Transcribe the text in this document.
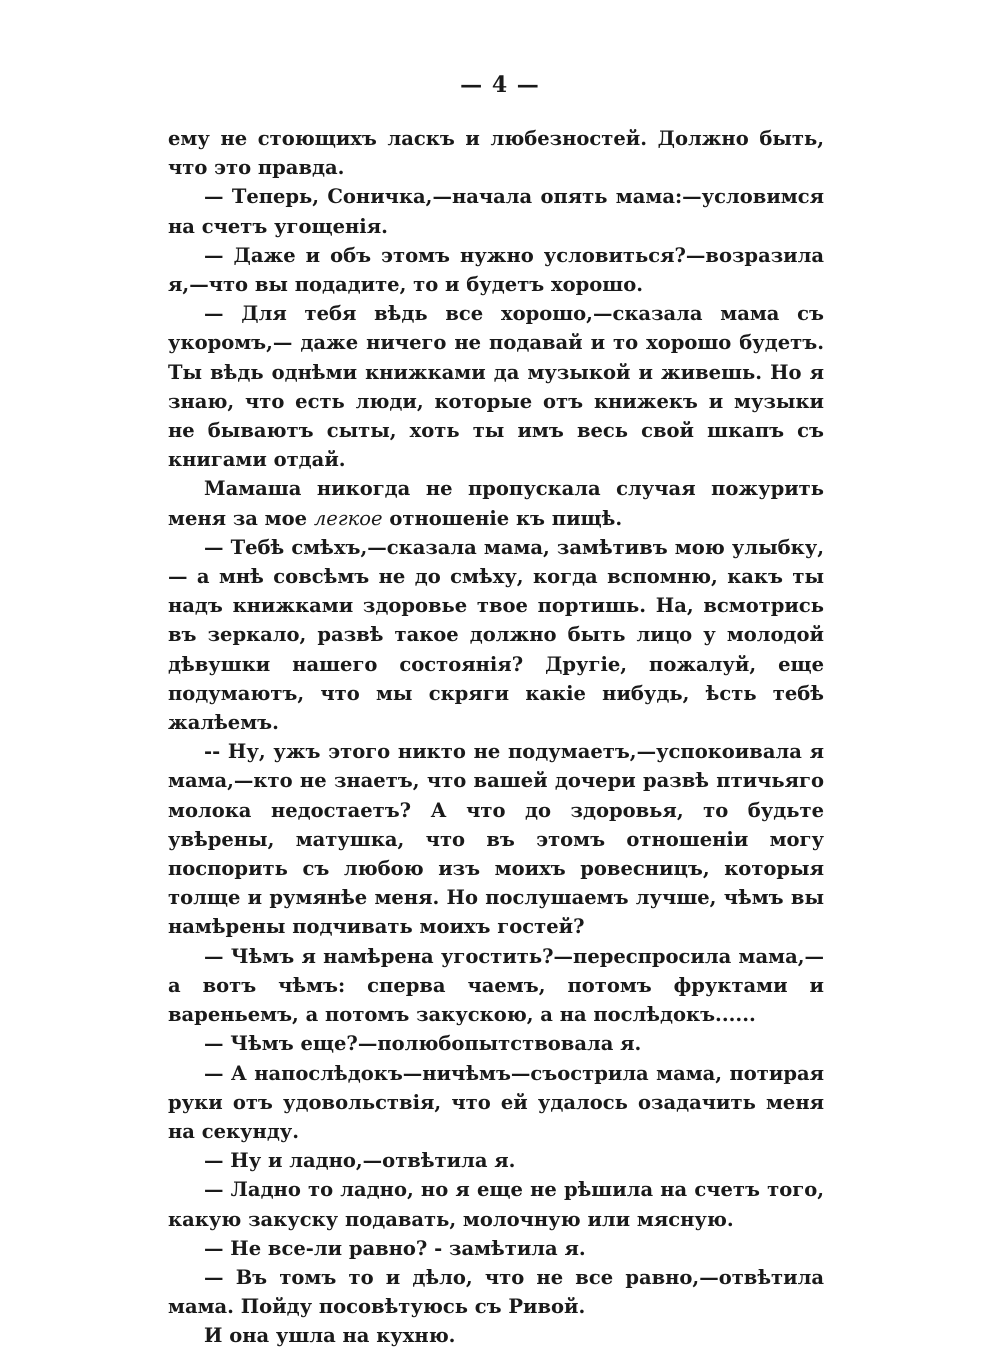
— 4 —

ему не стоющихъ ласкъ и любезностей. Должно быть, что это правда.

— Теперь, Соничка,—начала опять мама:—условимся на счетъ угощенія.

— Даже и объ этомъ нужно условиться?—возразила я,—что вы подадите, то и будетъ хорошо.

— Для тебя вѣдь все хорошо,—сказала мама съ укоромъ,— даже ничего не подавай и то хорошо будетъ. Ты вѣдь однѣми книжками да музыкой и живешь. Но я знаю, что есть люди, которые отъ книжекъ и музыки не бываютъ сыты, хоть ты имъ весь свой шкапъ съ книгами отдай.

Мамаша никогда не пропускала случая пожурить меня за мое легкое отношеніе къ пищѣ.

— Тебѣ смѣхъ,—сказала мама, замѣтивъ мою улыбку,— а мнѣ совсѣмъ не до смѣху, когда вспомню, какъ ты надъ книжками здоровье твое портишь. На, всмотрись въ зеркало, развѣ такое должно быть лицо у молодой дѣвушки нашего состоянія? Другіе, пожалуй, еще подумаютъ, что мы скряги какіе нибудь, ѣсть тебѣ жалѣемъ.

-- Ну, ужъ этого никто не подумаетъ,—успокоивала я мама,—кто не знаетъ, что вашей дочери развѣ птичьяго молока недостаетъ? А что до здоровья, то будьте увѣрены, матушка, что въ этомъ отношеніи могу поспорить съ любою изъ моихъ ровесницъ, которыя толще и румянѣе меня. Но послушаемъ лучше, чѣмъ вы намѣрены подчивать моихъ гостей?

— Чѣмъ я намѣрена угостить?—переспросила мама,—а вотъ чѣмъ: сперва чаемъ, потомъ фруктами и вареньемъ, а потомъ закускою, а на послѣдокъ......

— Чѣмъ еще?—полюбопытствовала я.

— А напослѣдокъ—ничѣмъ—съострила мама, потирая руки отъ удовольствія, что ей удалось озадачить меня на секунду.

— Ну и ладно,—отвѣтила я.

— Ладно то ладно, но я еще не рѣшила на счетъ того, какую закуску подавать, молочную или мясную.

— Не все-ли равно? - замѣтила я.

— Въ томъ то и дѣло, что не все равно,—отвѣтила мама. Пойду посовѣтуюсь съ Ривой.

И она ушла на кухню.
